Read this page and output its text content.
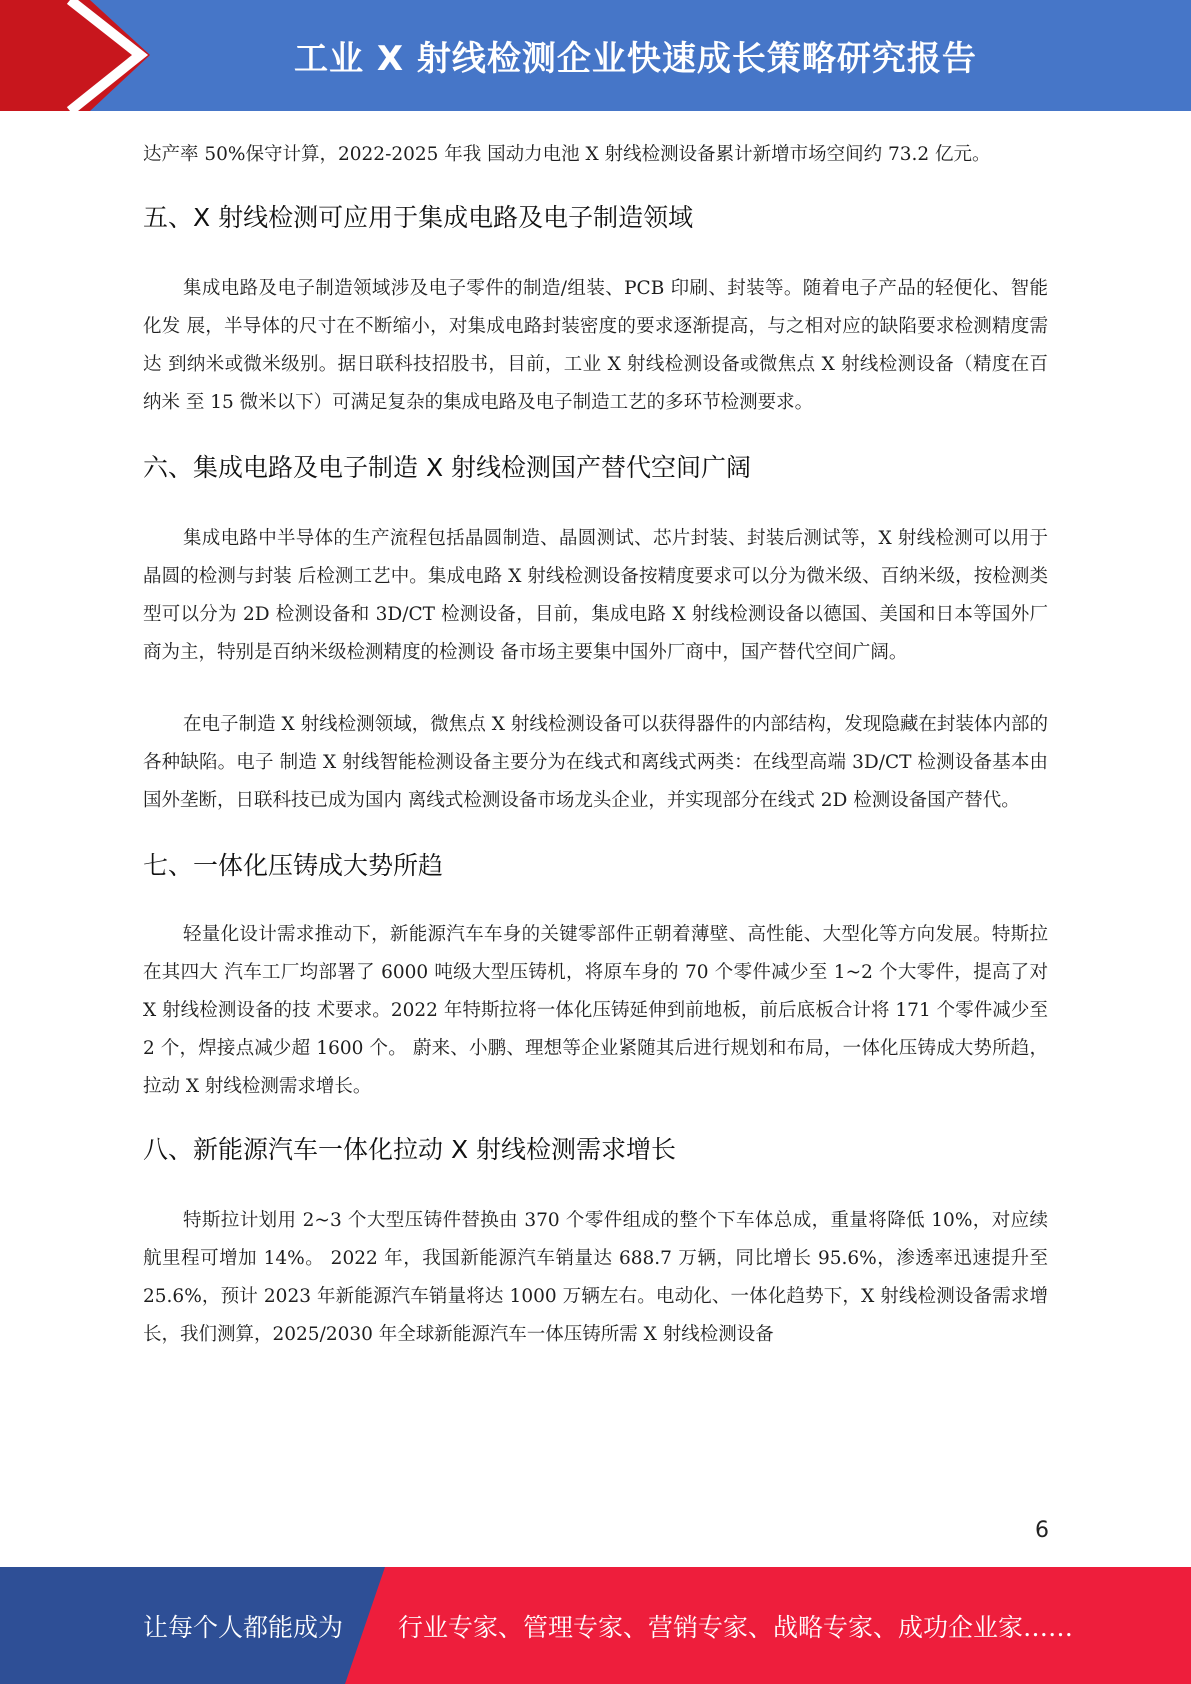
工业 X 射线检测企业快速成长策略研究报告

达产率 50%保守计算，2022-2025 年我 国动力电池 X 射线检测设备累计新增市场空间约 73.2 亿元。

五、X 射线检测可应用于集成电路及电子制造领域

集成电路及电子制造领域涉及电子零件的制造/组装、PCB 印刷、封装等。随着电子产品的轻便化、智能化发 展，半导体的尺寸在不断缩小，对集成电路封装密度的要求逐渐提高，与之相对应的缺陷要求检测精度需达 到纳米或微米级别。据日联科技招股书，目前，工业 X 射线检测设备或微焦点 X 射线检测设备（精度在百纳米 至 15 微米以下）可满足复杂的集成电路及电子制造工艺的多环节检测要求。

六、集成电路及电子制造 X 射线检测国产替代空间广阔

集成电路中半导体的生产流程包括晶圆制造、晶圆测试、芯片封装、封装后测试等，X 射线检测可以用于晶圆的检测与封装 后检测工艺中。集成电路 X 射线检测设备按精度要求可以分为微米级、百纳米级，按检测类型可以分为 2D 检测设备和 3D/CT 检测设备，目前，集成电路 X 射线检测设备以德国、美国和日本等国外厂商为主，特别是百纳米级检测精度的检测设 备市场主要集中国外厂商中，国产替代空间广阔。

在电子制造 X 射线检测领域，微焦点 X 射线检测设备可以获得器件的内部结构，发现隐藏在封装体内部的各种缺陷。电子 制造 X 射线智能检测设备主要分为在线式和离线式两类：在线型高端 3D/CT 检测设备基本由国外垄断，日联科技已成为国内 离线式检测设备市场龙头企业，并实现部分在线式 2D 检测设备国产替代。

七、一体化压铸成大势所趋

轻量化设计需求推动下，新能源汽车车身的关键零部件正朝着薄壁、高性能、大型化等方向发展。特斯拉在其四大 汽车工厂均部署了 6000 吨级大型压铸机，将原车身的 70 个零件减少至 1~2 个大零件，提高了对 X 射线检测设备的技 术要求。2022 年特斯拉将一体化压铸延伸到前地板，前后底板合计将 171 个零件减少至 2 个，焊接点减少超 1600 个。 蔚来、小鹏、理想等企业紧随其后进行规划和布局，一体化压铸成大势所趋，拉动 X 射线检测需求增长。

八、新能源汽车一体化拉动 X 射线检测需求增长

特斯拉计划用 2~3 个大型压铸件替换由 370 个零件组成的整个下车体总成，重量将降低 10%，对应续航里程可增加 14%。 2022 年，我国新能源汽车销量达 688.7 万辆，同比增长 95.6%，渗透率迅速提升至 25.6%，预计 2023 年新能源汽车销量将达 1000 万辆左右。电动化、一体化趋势下，X 射线检测设备需求增长，我们测算，2025/2030 年全球新能源汽车一体压铸所需 X 射线检测设备

6
让每个人都能成为 行业专家、管理专家、营销专家、战略专家、成功企业家……
